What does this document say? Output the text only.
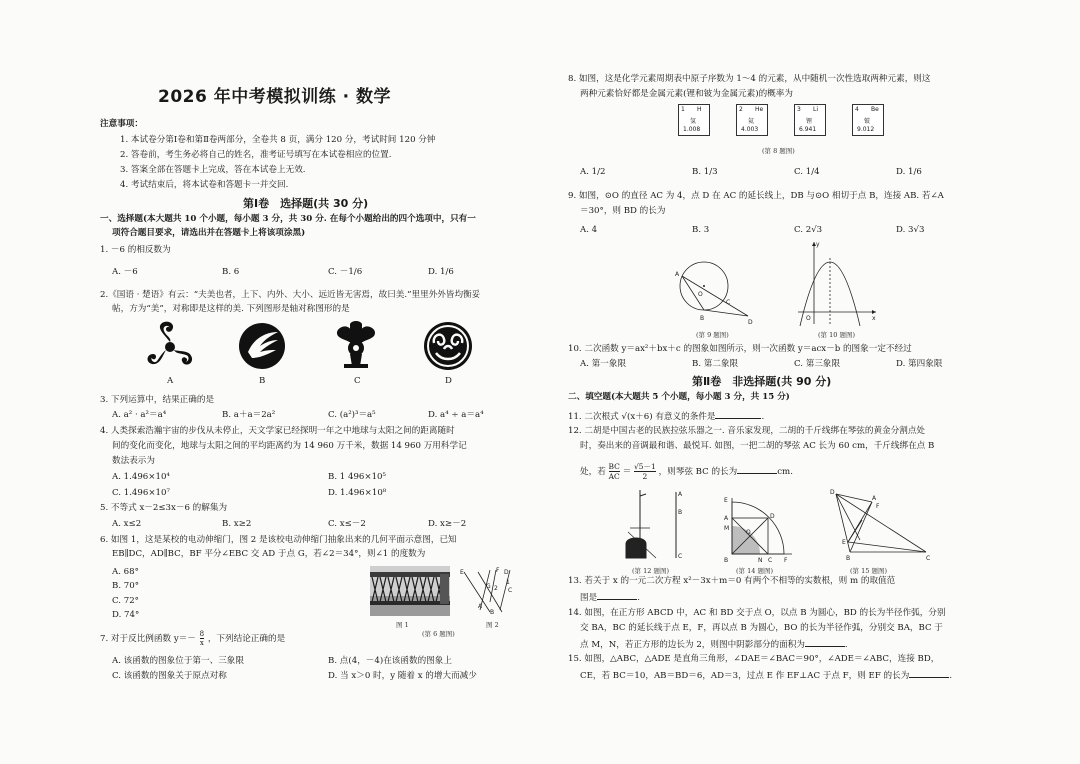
2026 年中考模拟训练 · 数学
注意事项：
1. 本试卷分第Ⅰ卷和第Ⅱ卷两部分，全卷共 8 页，满分 120 分，考试时间 120 分钟
2. 答卷前，考生务必将自己的姓名，准考证号填写在本试卷相应的位置.
3. 答案全部在答题卡上完成，答在本试卷上无效.
4. 考试结束后，将本试卷和答题卡一并交回.
第Ⅰ卷　选择题(共 30 分)
一、选择题(本大题共 10 个小题，每小题 3 分，共 30 分. 在每个小题给出的四个选项中，只有一
项符合题目要求，请选出并在答题卡上将该项涂黑)
1. －6 的相反数为
A. －6	B. 6	C. －1/6	D. 1/6
2.《国语 · 楚语》有云：“夫美也者，上下、内外、大小、远近皆无害焉，故曰美.”里里外外皆均衡妥
帖，方为“美”，对称即是这样的美. 下列图形是轴对称图形的是
A	B	C	D
3. 下列运算中，结果正确的是
A. a² · a²＝a⁴	B. a＋a＝2a²	C. (a²)³＝a⁵	D. a⁴ ÷ a＝a⁴
4. 人类探索浩瀚宇宙的步伐从未停止，天文学家已经探明一年之中地球与太阳之间的距离随时
间的变化而变化，地球与太阳之间的平均距离约为 14 960 万千米，数据 14 960 万用科学记
数法表示为
A. 1.496×10⁴	B. 1 496×10⁵
C. 1.496×10⁷	D. 1.496×10⁸
5. 不等式 x－2≤3x－6 的解集为
A. x≤2	B. x≥2	C. x≤－2	D. x≥－2
6. 如图 1，这是某校的电动伸缩门，图 2 是该校电动伸缩门抽象出来的几何平面示意图，已知
EB∥DC，AD∥BC，BF 平分∠EBC 交 AD 于点 G，若∠2＝34°，则∠1 的度数为
A. 68°
B. 70°
C. 72°
D. 74°
E	F D
G 2
1
C
A
B
图 1	图 2
(第 6 题图)
7. 对于反比例函数 $y=- \frac{8}{x}$ ，下列结论正确的是
A. 该函数的图象位于第一、三象限	B. 点(4，－4)在该函数的图象上
C. 该函数的图象关于原点对称	D. 当 x＞0 时，y 随着 x 的增大而减少
8. 如图，这是化学元素周期表中原子序数为 1～4 的元素，从中随机一次性选取两种元素，则这
两种元素恰好都是金属元素(锂和铍为金属元素)的概率为
1 H
氢
1.008
2 He
氦
4.003
3 Li
锂
6.941
4 Be
铍
9.012
(第 8 题图)
A. 1/2	B. 1/3	C. 1/4	D. 1/6
9. 如图，⊙O 的直径 AC 为 4，点 D 在 AC 的延长线上，DB 与⊙O 相切于点 B，连接 AB. 若∠A
＝30°，则 BD 的长为
A. 4	B. 3	C. 2√3	D. 3√3
A
O
C
B
D
(第 9 题图)
y
x
O
(第 10 题图)
10. 二次函数 y＝ax²＋bx＋c 的图象如图所示，则一次函数 y＝acx－b 的图象一定不经过
A. 第一象限	B. 第二象限	C. 第三象限	D. 第四象限
第Ⅱ卷　非选择题(共 90 分)
二、填空题(本大题共 5 个小题，每小题 3 分，共 15 分)
11. 二次根式 √(x＋6) 有意义的条件是	.
12. 二胡是中国古老的民族拉弦乐器之一. 音乐家发现，二胡的千斤线绑在琴弦的黄金分割点处
时，奏出来的音调最和谐、最悦耳. 如图，一把二胡的琴弦 AC 长为 60 cm，千斤线绑在点 B
处，若 $\frac{BC}{AC} = \frac{√5-1}{2}$ ，则琴弦 BC 的长为	cm.
A
B
C
(第 12 题图)
E
A	D
M
O
B	N C F
(第 14 题图)
D
A
F
E
B	C
(第 15 题图)
13. 若关于 x 的一元二次方程 x²－3x＋m＝0 有两个不相等的实数根，则 m 的取值范
围是	.
14. 如图，在正方形 ABCD 中，AC 和 BD 交于点 O，以点 B 为圆心，BD 的长为半径作弧，分别
交 BA，BC 的延长线于点 E，F，再以点 B 为圆心，BO 的长为半径作弧，分别交 BA，BC 于
点 M，N，若正方形的边长为 2，则图中阴影部分的面积为	.
15. 如图，△ABC，△ADE 是直角三角形，∠DAE＝∠BAC＝90°，∠ADE＝∠ABC，连接 BD，
CE，若 BC＝10，AB＝BD＝6，AD＝3，过点 E 作 EF⊥AC 于点 F，则 EF 的长为	.
